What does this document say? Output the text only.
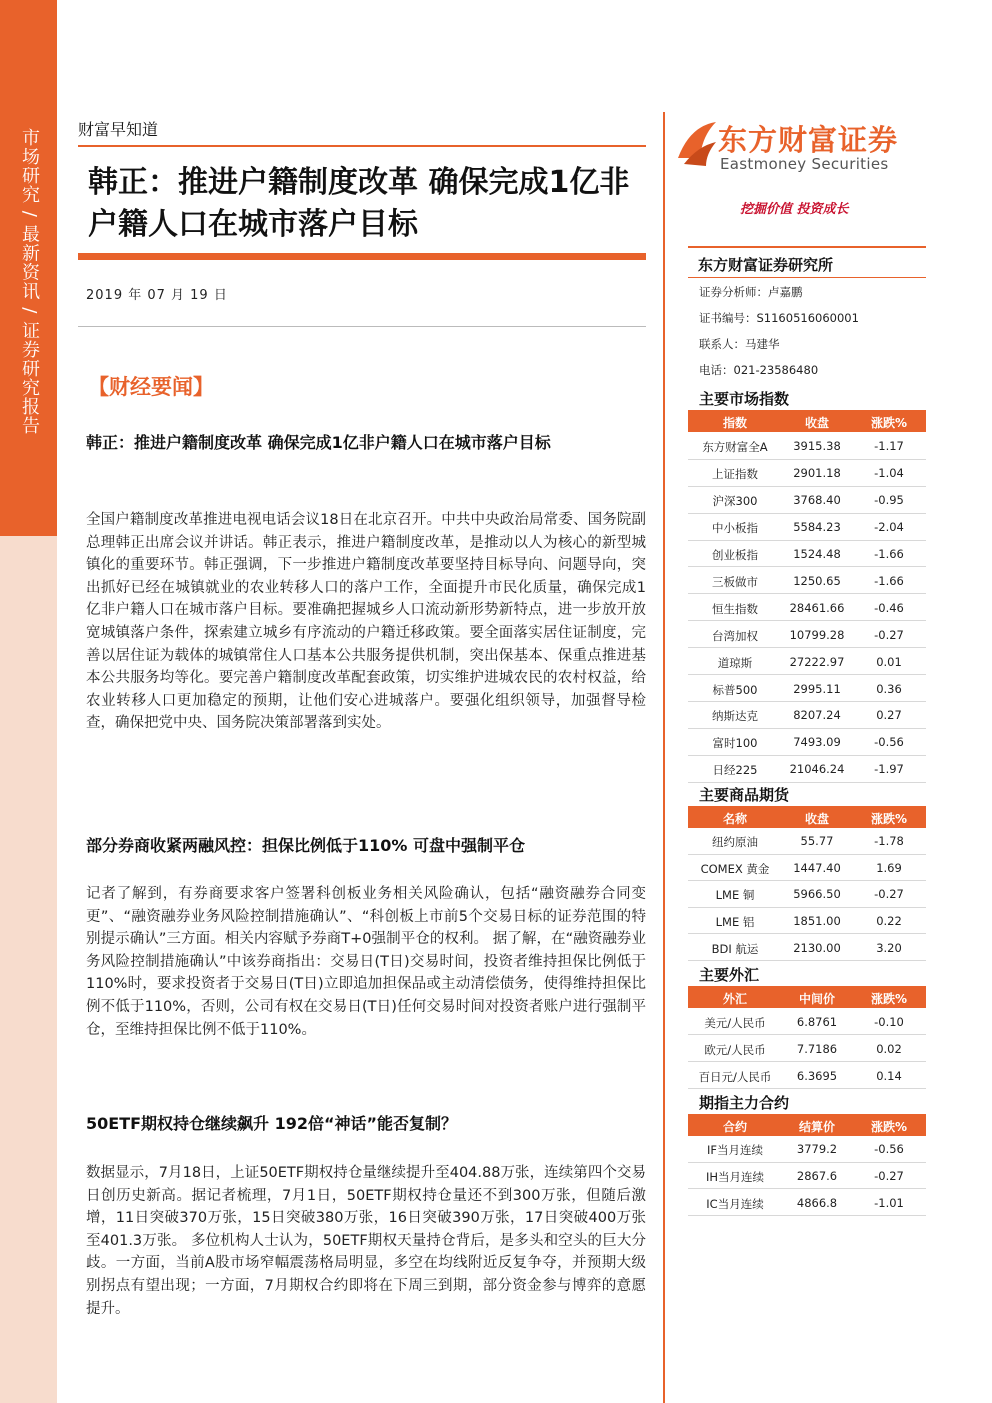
市场研究 / 最新资讯 / 证券研究报告 财富早知道
韩正：推进户籍制度改革 确保完成1亿非户籍人口在城市落户目标
2019 年 07 月 19 日
【财经要闻】
韩正：推进户籍制度改革 确保完成1亿非户籍人口在城市落户目标
全国户籍制度改革推进电视电话会议18日在北京召开。中共中央政治局常委、国务院副总理韩正出席会议并讲话。韩正表示，推进户籍制度改革，是推动以人为核心的新型城镇化的重要环节。韩正强调，下一步推进户籍制度改革要坚持目标导向、问题导向，突出抓好已经在城镇就业的农业转移人口的落户工作，全面提升市民化质量，确保完成1亿非户籍人口在城市落户目标。要准确把握城乡人口流动新形势新特点，进一步放开放宽城镇落户条件，探索建立城乡有序流动的户籍迁移政策。要全面落实居住证制度，完善以居住证为载体的城镇常住人口基本公共服务提供机制，突出保基本、保重点推进基本公共服务均等化。要完善户籍制度改革配套政策，切实维护进城农民的农村权益，给农业转移人口更加稳定的预期，让他们安心进城落户。要强化组织领导，加强督导检查，确保把党中央、国务院决策部署落到实处。
部分券商收紧两融风控：担保比例低于110% 可盘中强制平仓
记者了解到，有券商要求客户签署科创板业务相关风险确认，包括“融资融券合同变更”、“融资融券业务风险控制措施确认”、“科创板上市前5个交易日标的证券范围的特别提示确认”三方面。相关内容赋予券商T+0强制平仓的权利。 据了解，在“融资融券业务风险控制措施确认”中该券商指出：交易日(T日)交易时间，投资者维持担保比例低于110%时，要求投资者于交易日(T日)立即追加担保品或主动清偿债务，使得维持担保比例不低于110%，否则，公司有权在交易日(T日)任何交易时间对投资者账户进行强制平仓，至维持担保比例不低于110%。
50ETF期权持仓继续飙升 192倍“神话”能否复制？
数据显示，7月18日，上证50ETF期权持仓量继续提升至404.88万张，连续第四个交易日创历史新高。据记者梳理，7月1日，50ETF期权持仓量还不到300万张，但随后激增，11日突破370万张，15日突破380万张，16日突破390万张，17日突破400万张至401.3万张。 多位机构人士认为，50ETF期权天量持仓背后，是多头和空头的巨大分歧。一方面，当前A股市场窄幅震荡格局明显，多空在均线附近反复争夺，并预期大级别拐点有望出现；一方面，7月期权合约即将在下周三到期，部分资金参与博弈的意愿提升。
东方财富证券
Eastmoney Securities
挖掘价值 投资成长
东方财富证券研究所
证券分析师：卢嘉鹏
证书编号：S1160516060001
联系人：马建华
电话：021-23586480
主要市场指数
指数	收盘	涨跌%
东方财富全A	3915.38	-1.17
上证指数	2901.18	-1.04
沪深300	3768.40	-0.95
中小板指	5584.23	-2.04
创业板指	1524.48	-1.66
三板做市	1250.65	-1.66
恒生指数	28461.66	-0.46
台湾加权	10799.28	-0.27
道琼斯	27222.97	0.01
标普500	2995.11	0.36
纳斯达克	8207.24	0.27
富时100	7493.09	-0.56
日经225	21046.24	-1.97
主要商品期货
名称	收盘	涨跌%
纽约原油	55.77	-1.78
COMEX 黄金	1447.40	1.69
LME 铜	5966.50	-0.27
LME 铝	1851.00	0.22
BDI 航运	2130.00	3.20
主要外汇
外汇	中间价	涨跌%
美元/人民币	6.8761	-0.10
欧元/人民币	7.7186	0.02
百日元/人民币	6.3695	0.14
期指主力合约
合约	结算价	涨跌%
IF当月连续	3779.2	-0.56
IH当月连续	2867.6	-0.27
IC当月连续	4866.8	-1.01
